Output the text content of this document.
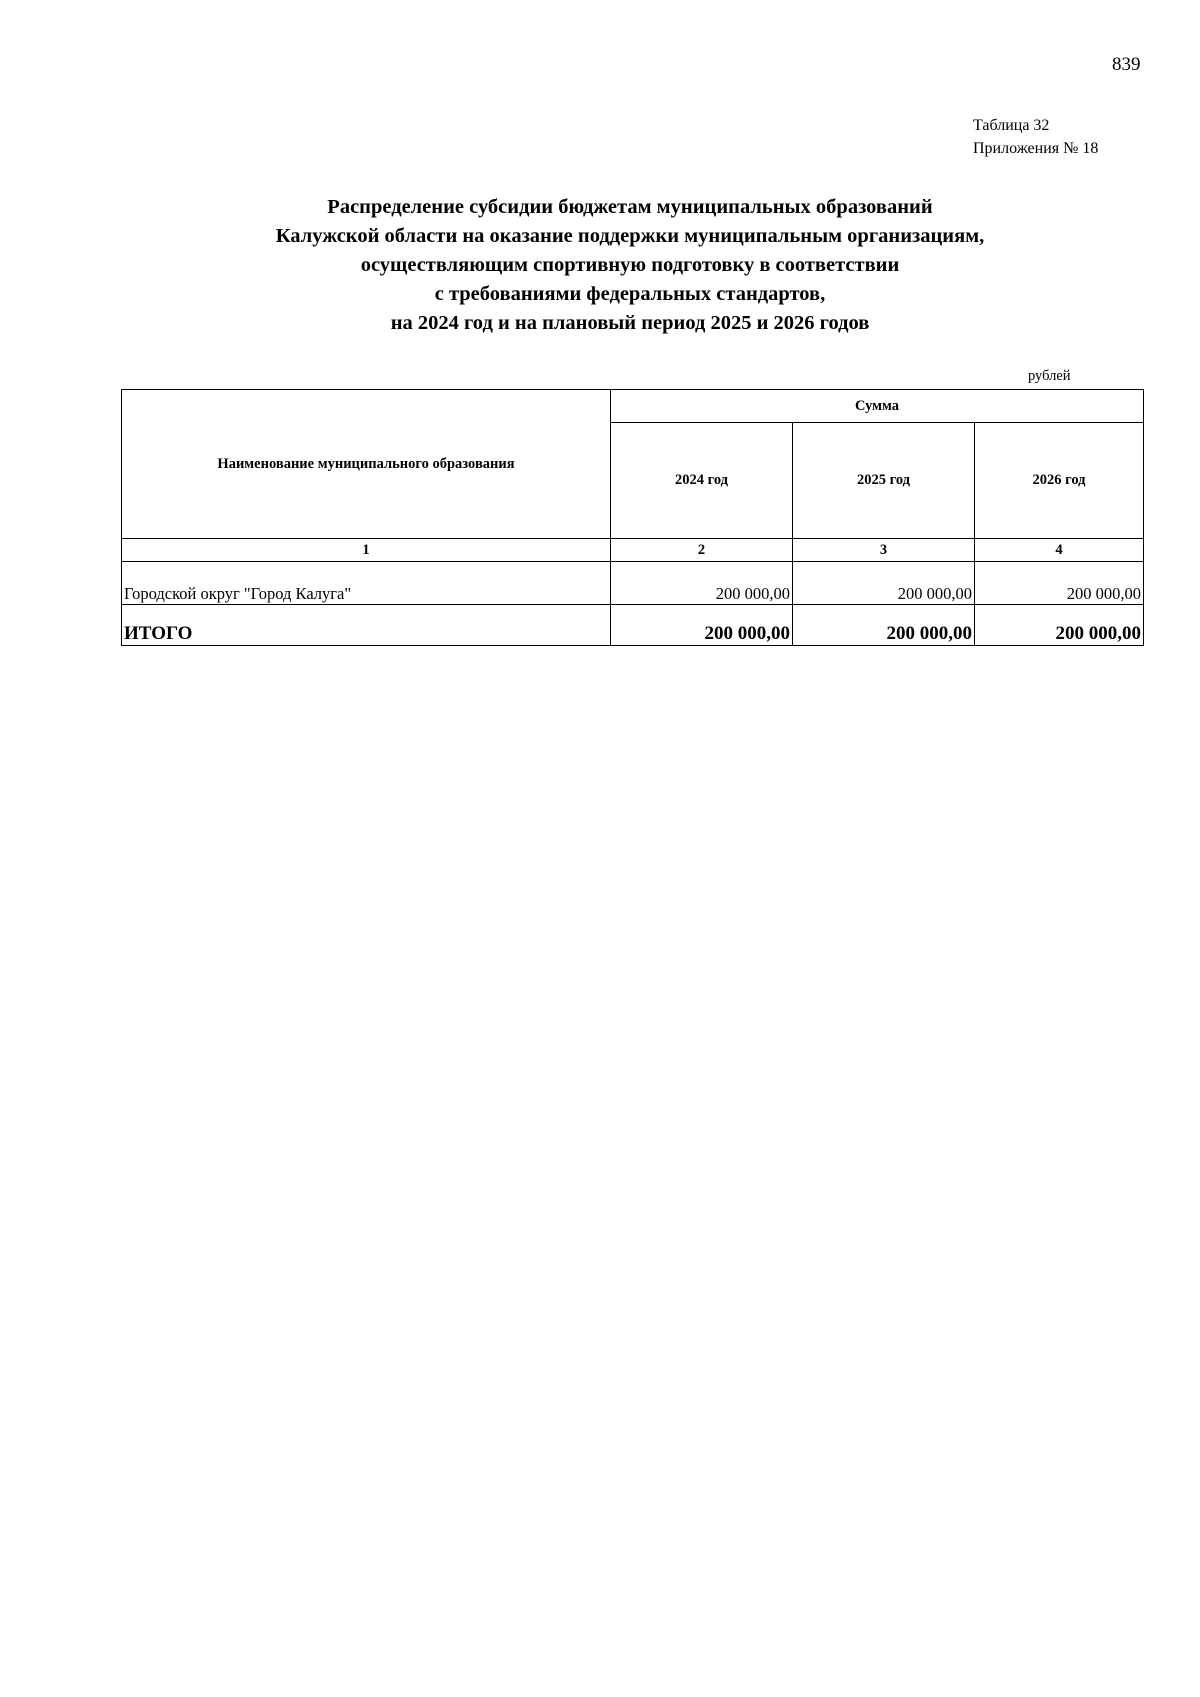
839
Таблица 32
Приложения № 18
Распределение субсидии бюджетам муниципальных образований
Калужской области на оказание поддержки муниципальным организациям,
осуществляющим спортивную подготовку в соответствии
с требованиями федеральных стандартов,
на 2024 год и на плановый период 2025 и 2026 годов
рублей
Наименование муниципального образования	Сумма		
	2024 год	2025 год	2026 год
1	2	3	4
Городской округ "Город Калуга"	200 000,00	200 000,00	200 000,00
ИТОГО	200 000,00	200 000,00	200 000,00
